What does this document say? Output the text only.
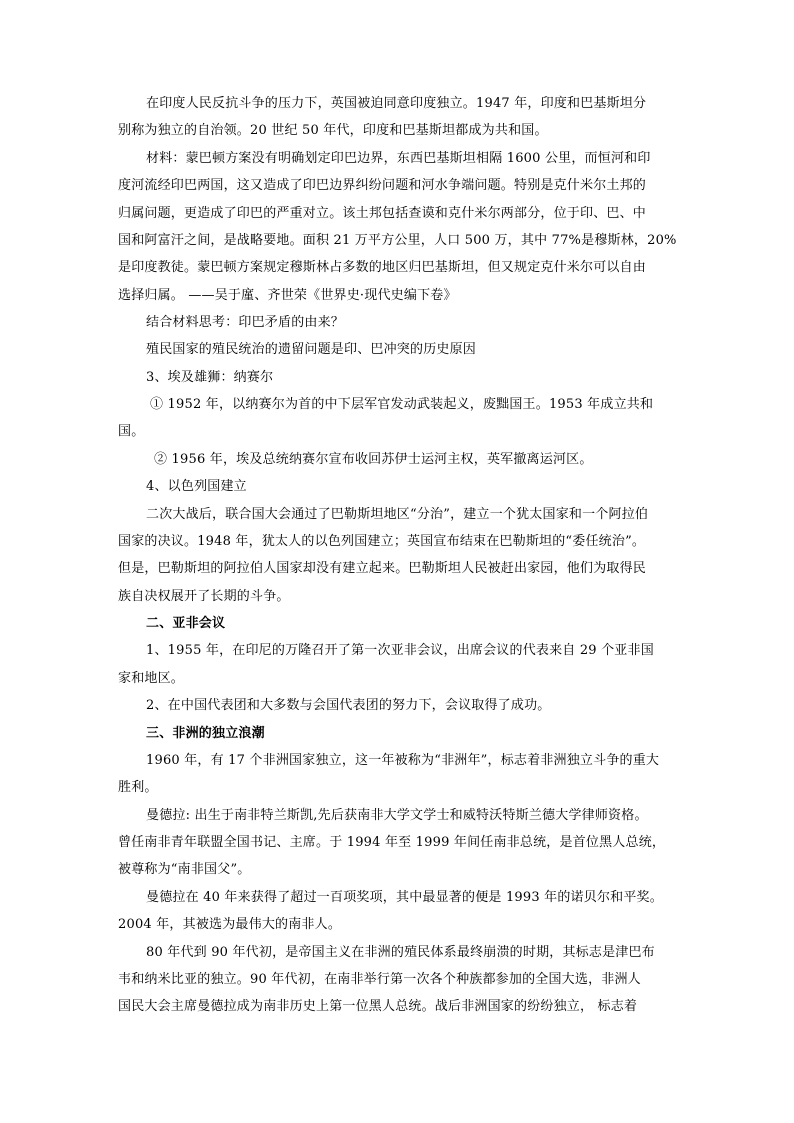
在印度人民反抗斗争的压力下，英国被迫同意印度独立。1947 年，印度和巴基斯坦分
别称为独立的自治领。20 世纪 50 年代，印度和巴基斯坦都成为共和国。
材料：蒙巴顿方案没有明确划定印巴边界，东西巴基斯坦相隔 1600 公里，而恒河和印
度河流经印巴两国，这又造成了印巴边界纠纷问题和河水争端问题。特别是克什米尔土邦的
归属问题，更造成了印巴的严重对立。该土邦包括查谟和克什米尔两部分，位于印、巴、中
国和阿富汗之间，是战略要地。面积 21 万平方公里，人口 500 万，其中 77%是穆斯林，20%
是印度教徒。蒙巴顿方案规定穆斯林占多数的地区归巴基斯坦，但又规定克什米尔可以自由
选择归属。 ——吴于廑、齐世荣《世界史·现代史编下卷》
结合材料思考：印巴矛盾的由来？
殖民国家的殖民统治的遗留问题是印、巴冲突的历史原因
3、埃及雄狮：纳赛尔
① 1952 年，以纳赛尔为首的中下层军官发动武装起义，废黜国王。1953 年成立共和
国。
② 1956 年，埃及总统纳赛尔宣布收回苏伊士运河主权，英军撤离运河区。
4、以色列国建立
二次大战后，联合国大会通过了巴勒斯坦地区“分治”，建立一个犹太国家和一个阿拉伯
国家的决议。1948 年，犹太人的以色列国建立；英国宣布结束在巴勒斯坦的“委任统治”。
但是，巴勒斯坦的阿拉伯人国家却没有建立起来。巴勒斯坦人民被赶出家园，他们为取得民
族自决权展开了长期的斗争。
二、亚非会议
1、1955 年，在印尼的万隆召开了第一次亚非会议，出席会议的代表来自 29 个亚非国
家和地区。
2、在中国代表团和大多数与会国代表团的努力下，会议取得了成功。
三、非洲的独立浪潮
1960 年，有 17 个非洲国家独立，这一年被称为“非洲年”，标志着非洲独立斗争的重大
胜利。
曼德拉: 出生于南非特兰斯凯,先后获南非大学文学士和威特沃特斯兰德大学律师资格。
曾任南非青年联盟全国书记、主席。于 1994 年至 1999 年间任南非总统，是首位黑人总统，
被尊称为“南非国父”。
曼德拉在 40 年来获得了超过一百项奖项，其中最显著的便是 1993 年的诺贝尔和平奖。
2004 年，其被选为最伟大的南非人。
80 年代到 90 年代初，是帝国主义在非洲的殖民体系最终崩溃的时期，其标志是津巴布
韦和纳米比亚的独立。90 年代初，在南非举行第一次各个种族都参加的全国大选，非洲人
国民大会主席曼德拉成为南非历史上第一位黑人总统。战后非洲国家的纷纷独立， 标志着
